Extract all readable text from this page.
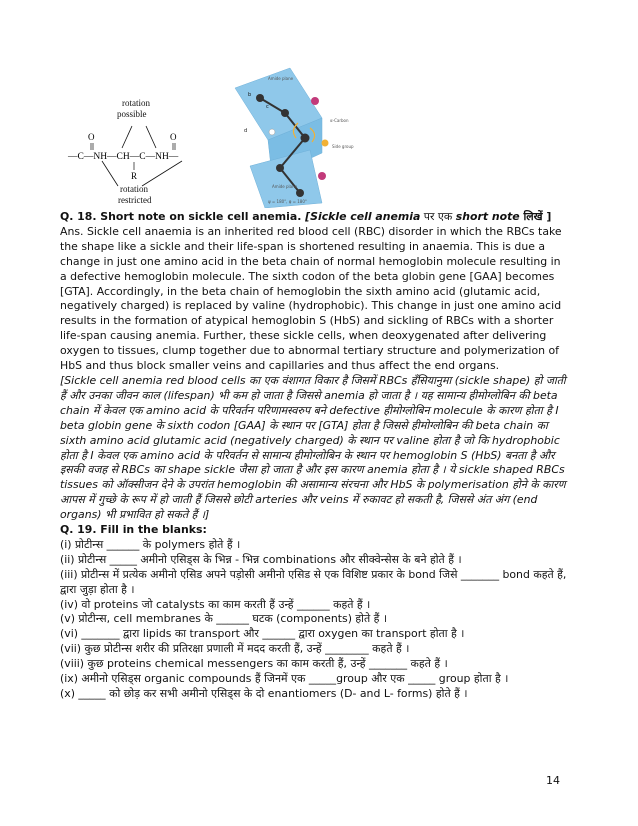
rotation possible
O	O
—C—NH—CH—C—NH—
R
rotation restricted
Amide plane
α-Carbon
Side group
Amide plane
ψ = 180°, φ = 180°
b
c
d

Q. 18. Short note on sickle cell anemia. [Sickle cell anemia पर एक short note लिखें ]

Ans. Sickle cell anaemia is an inherited red blood cell (RBC) disorder in which the RBCs take the shape like a sickle and their life-span is shortened resulting in anaemia. This is due a change in just one amino acid in the beta chain of normal hemoglobin molecule resulting in a defective hemoglobin molecule. The sixth codon of the beta globin gene [GAA] becomes [GTA]. Accordingly, in the beta chain of hemoglobin the sixth amino acid (glutamic acid, negatively charged) is replaced by valine (hydrophobic). This change in just one amino acid results in the formation of atypical hemoglobin S (HbS) and sickling of RBCs with a shorter life-span causing anemia. Further, these sickle cells, when deoxygenated after delivering oxygen to tissues, clump together due to abnormal tertiary structure and polymerization of HbS and thus block smaller veins and capillaries and thus affect the end organs.

[Sickle cell anemia red blood cells का एक वंशागत विकार है जिसमें RBCs हँसियानुमा (sickle shape) हो जाती हैं और उनका जीवन काल (lifespan) भी कम हो जाता है जिससे anemia हो जाता है । यह सामान्य हीमोग्लोबिन की beta chain में केवल एक amino acid के परिवर्तन परिणामस्वरुप बने defective हीमोग्लोबिन molecule के कारण होता है I beta globin gene के sixth codon [GAA] के स्थान पर [GTA] होता है जिससे हीमोग्लोबिन की beta chain का sixth amino acid glutamic acid (negatively charged) के स्थान पर valine होता है जो कि hydrophobic होता है I केवल एक amino acid के परिवर्तन से सामान्य हीमोग्लोबिन के स्थान पर hemoglobin S (HbS) बनता है और इसकी वजह से RBCs का shape sickle जैसा हो जाता है और इस कारण anemia होता है । ये sickle shaped RBCs tissues को ऑक्सीजन देने के उपरांत hemoglobin की असामान्य संरचना और HbS के polymerisation होने के कारण आपस में गुच्छे के रूप में हो जाती हैं जिससे छोटी arteries और veins में रुकावट हो सकती है, जिससे अंत अंग (end organs) भी प्रभावित हो सकते हैं ।]

Q. 19. Fill in the blanks:

(i) प्रोटीन्स ______ के polymers होते हैं ।

(ii) प्रोटीन्स _____ अमीनो एसिड्स के भिन्न - भिन्न combinations और सीक्वेन्सेस के बने होते हैं ।

(iii) प्रोटीन्स में प्रत्येक अमीनो एसिड अपने पड़ोसी अमीनो एसिड से एक विशिष्ट प्रकार के bond जिसे _______ bond कहते हैं, द्वारा जुड़ा होता है ।

(iv) वो proteins जो catalysts का काम करती हैं उन्हें ______ कहते हैं ।

(v) प्रोटीन्स, cell membranes के ______ घटक (components) होते हैं ।

(vi) _______ द्वारा lipids का transport और ______ द्वारा oxygen का transport होता है ।

(vii) कुछ प्रोटीन्स शरीर की प्रतिरक्षा प्रणाली में मदद करती हैं, उन्हें ________ कहते हैं ।

(viii) कुछ proteins chemical messengers का काम करती हैं, उन्हें _______ कहते हैं ।

(ix) अमीनो एसिड्स organic compounds हैं जिनमें एक _____group और एक _____ group होता है ।

(x) _____ को छोड़ कर सभी अमीनो एसिड्स के दो enantiomers (D- and L- forms) होते हैं ।

14
